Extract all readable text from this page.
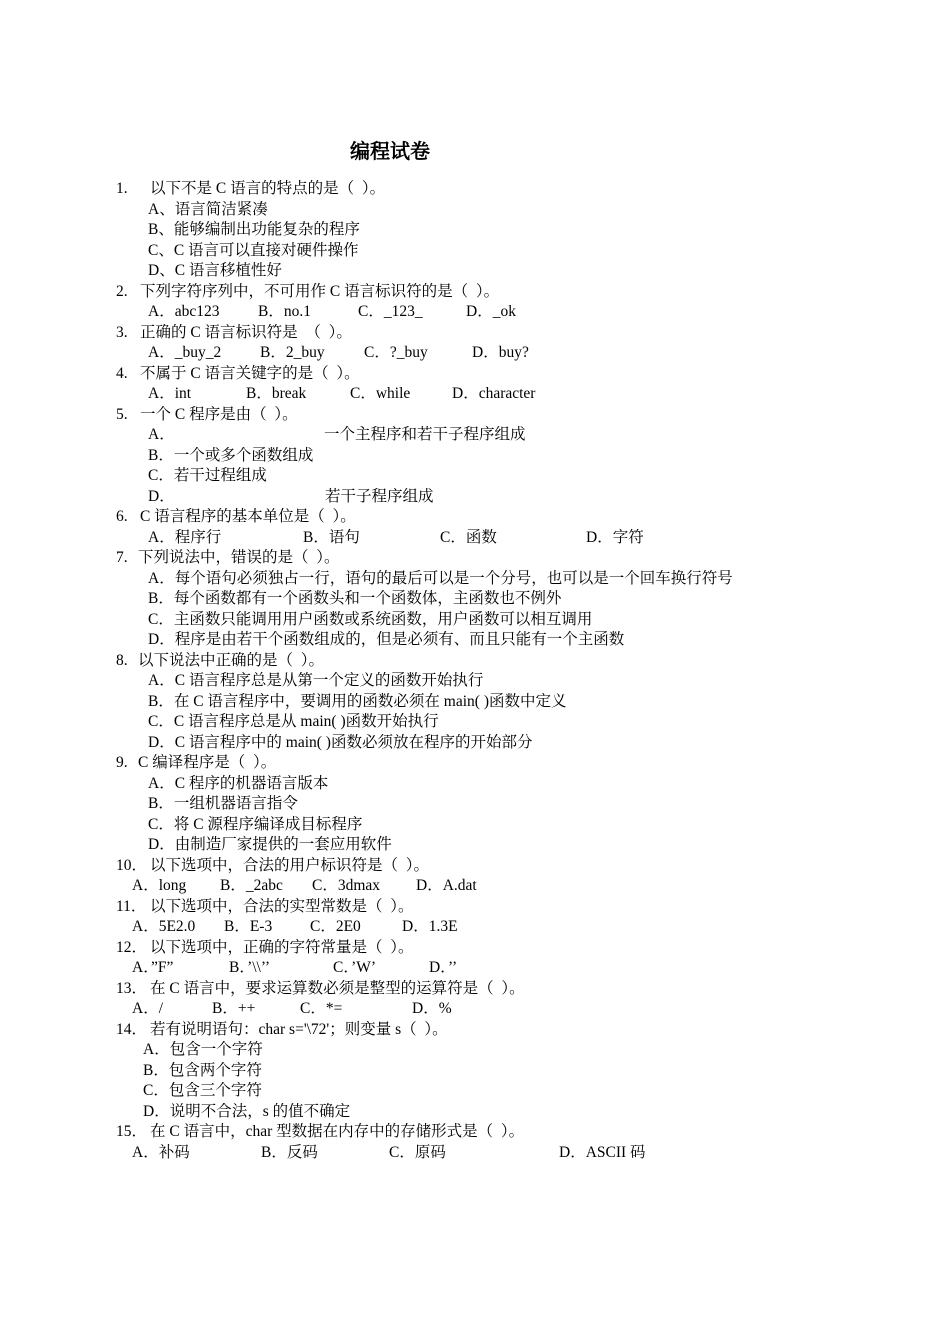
编程试卷
1. 以下不是 C 语言的特点的是（  ）。
A、语言简洁紧凑
B、能够编制出功能复杂的程序
C、C 语言可以直接对硬件操作
D、C 语言移植性好
2. 下列字符序列中，不可用作 C 语言标识符的是（  ）。
A．abc123	B．no.1	C．_123_	D．_ok
3. 正确的 C 语言标识符是  （  ）。
A．_buy_2	B．2_buy	C．?_buy	D．buy?
4. 不属于 C 语言关键字的是（  ）。
A．int	B．break	C．while	D．character
5. 一个 C 程序是由（  ）。
A．	一个主程序和若干子程序组成
B．一个或多个函数组成
C．若干过程组成
D．	若干子程序组成
6. C 语言程序的基本单位是（  ）。
A．程序行	B．语句	C．函数	D．字符
7. 下列说法中，错误的是（  ）。
A．每个语句必须独占一行，语句的最后可以是一个分号，也可以是一个回车换行符号
B．每个函数都有一个函数头和一个函数体，主函数也不例外
C．主函数只能调用用户函数或系统函数，用户函数可以相互调用
D．程序是由若干个函数组成的，但是必须有、而且只能有一个主函数
8. 以下说法中正确的是（  ）。
A．C 语言程序总是从第一个定义的函数开始执行
B．在 C 语言程序中，要调用的函数必须在 main( )函数中定义
C．C 语言程序总是从 main( )函数开始执行
D．C 语言程序中的 main( )函数必须放在程序的开始部分
9. C 编译程序是（  ）。
A．C 程序的机器语言版本
B．一组机器语言指令
C．将 C 源程序编译成目标程序
D．由制造厂家提供的一套应用软件
10． 以下选项中，合法的用户标识符是（  ）。
A．long	B．_2abc	C．3dmax	D．A.dat
11． 以下选项中，合法的实型常数是（  ）。
A．5E2.0	B．E-3	C．2E0	D．1.3E
12． 以下选项中，正确的字符常量是（  ）。
A．”F”	B．’\\’’	C．’W’	D．’’
13． 在 C 语言中，要求运算数必须是整型的运算符是（  ）。
A．/	B．++	C．*=	D．%
14． 若有说明语句：char s='\72'；则变量 s（  ）。
A．包含一个字符
B．包含两个字符
C．包含三个字符
D．说明不合法，s 的值不确定
15． 在 C 语言中，char 型数据在内存中的存储形式是（  ）。
A．补码	B．反码	C．原码	D．ASCII 码
